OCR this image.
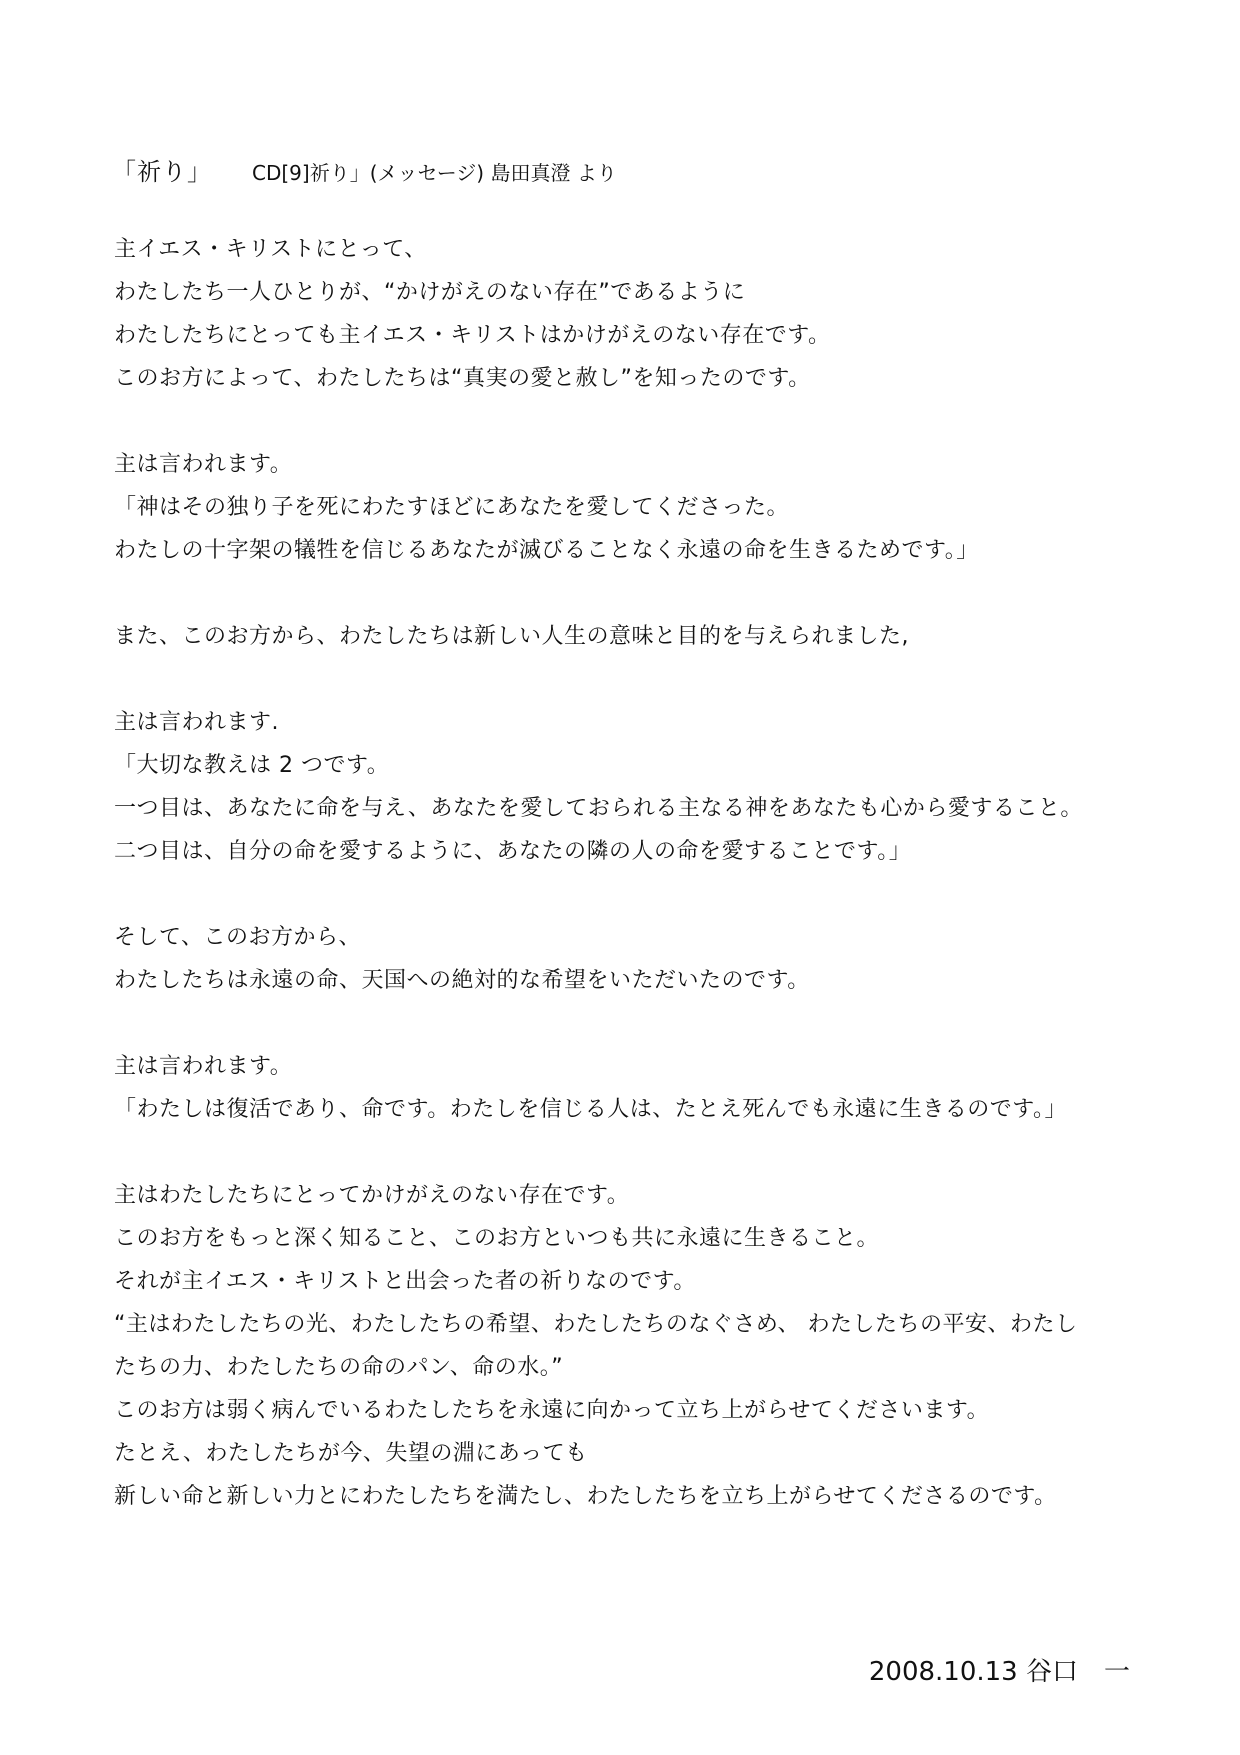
「祈り」 CD[9]祈り」(メッセージ) 島田真澄 より
主イエス・キリストにとって、
わたしたち一人ひとりが、“かけがえのない存在”であるように
わたしたちにとっても主イエス・キリストはかけがえのない存在です。
このお方によって、わたしたちは“真実の愛と赦し”を知ったのです。
主は言われます。
「神はその独り子を死にわたすほどにあなたを愛してくださった。
わたしの十字架の犠牲を信じるあなたが滅びることなく永遠の命を生きるためです。」
また、このお方から、わたしたちは新しい人生の意味と目的を与えられました,
主は言われます.
「大切な教えは 2 つです。
一つ目は、あなたに命を与え、あなたを愛しておられる主なる神をあなたも心から愛すること。
二つ目は、自分の命を愛するように、あなたの隣の人の命を愛することです。」
そして、このお方から、
わたしたちは永遠の命、天国への絶対的な希望をいただいたのです。
主は言われます。
「わたしは復活であり、命です。わたしを信じる人は、たとえ死んでも永遠に生きるのです。」
主はわたしたちにとってかけがえのない存在です。
このお方をもっと深く知ること、このお方といつも共に永遠に生きること。
それが主イエス・キリストと出会った者の祈りなのです。
“主はわたしたちの光、わたしたちの希望、わたしたちのなぐさめ、 わたしたちの平安、わたし
たちの力、わたしたちの命のパン、命の水。”
このお方は弱く病んでいるわたしたちを永遠に向かって立ち上がらせてくださいます。
たとえ、わたしたちが今、失望の淵にあっても
新しい命と新しい力とにわたしたちを満たし、わたしたちを立ち上がらせてくださるのです。
2008.10.13 谷口　一
